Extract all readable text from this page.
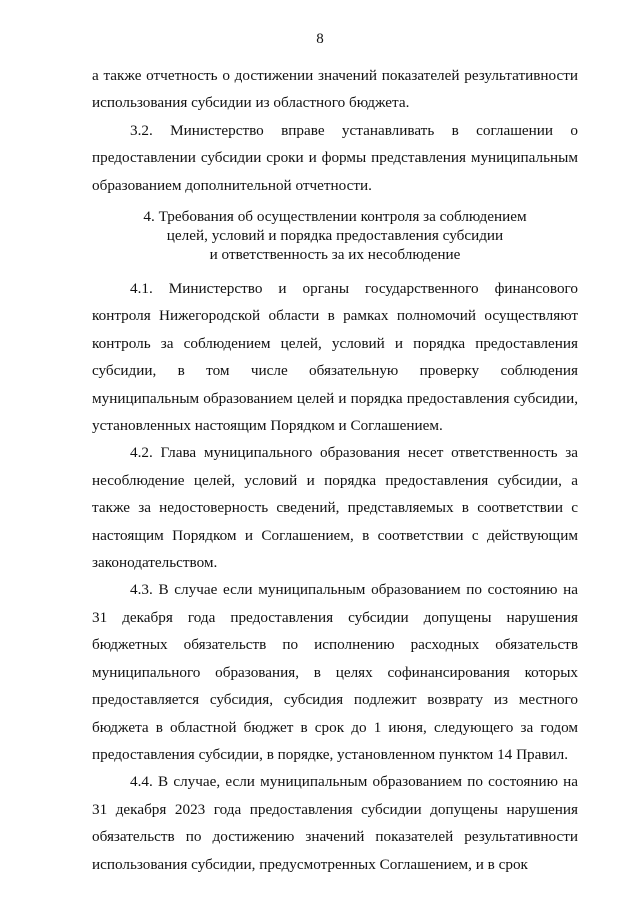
8

а также отчетность о достижении значений показателей результативности использования субсидии из областного бюджета.

3.2. Министерство вправе устанавливать в соглашении о предоставлении субсидии сроки и формы представления муниципальным образованием дополнительной отчетности.

4. Требования об осуществлении контроля за соблюдением
целей, условий и порядка предоставления субсидии
и ответственность за их несоблюдение

4.1. Министерство и органы государственного финансового контроля Нижегородской области в рамках полномочий осуществляют контроль за соблюдением целей, условий и порядка предоставления субсидии, в том числе обязательную проверку соблюдения муниципальным образованием целей и порядка предоставления субсидии, установленных настоящим Порядком и Соглашением.

4.2. Глава муниципального образования несет ответственность за несоблюдение целей, условий и порядка предоставления субсидии, а также за недостоверность сведений, представляемых в соответствии с настоящим Порядком и Соглашением, в соответствии с действующим законодательством.

4.3. В случае если муниципальным образованием по состоянию на 31 декабря года предоставления субсидии допущены нарушения бюджетных обязательств по исполнению расходных обязательств муниципального образования, в целях софинансирования которых предоставляется субсидия, субсидия подлежит возврату из местного бюджета в областной бюджет в срок до 1 июня, следующего за годом предоставления субсидии, в порядке, установленном пунктом 14 Правил.

4.4. В случае, если муниципальным образованием по состоянию на 31 декабря 2023 года предоставления субсидии допущены нарушения обязательств по достижению значений показателей результативности использования субсидии, предусмотренных Соглашением, и в срок
